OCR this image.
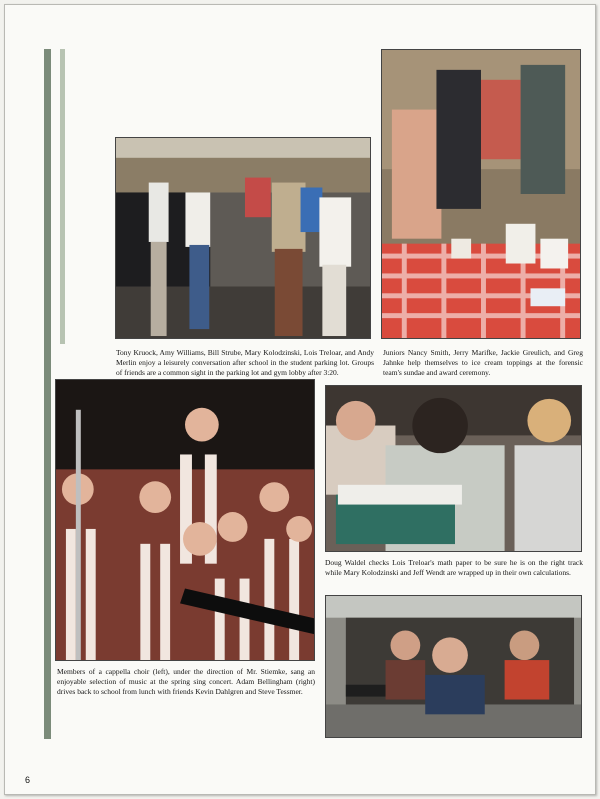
Tony Kruock, Amy Williams, Bill Strube, Mary Kolodzinski, Lois Treloar, and Andy Merlin enjoy a leisurely conversation after school in the student parking lot. Groups of friends are a common sight in the parking lot and gym lobby after 3:20.
Juniors Nancy Smith, Jerry Marifke, Jackie Greulich, and Greg Jahnke help themselves to ice cream toppings at the forensic team's sundae and award ceremony.
Doug Waldel checks Lois Treloar's math paper to be sure he is on the right track while Mary Kolodzinski and Jeff Wendt are wrapped up in their own calculations.
Members of a cappella choir (left), under the direction of Mr. Stiemke, sang an enjoyable selection of music at the spring sing concert. Adam Bellingham (right) drives back to school from lunch with friends Kevin Dahlgren and Steve Tessmer.
6
